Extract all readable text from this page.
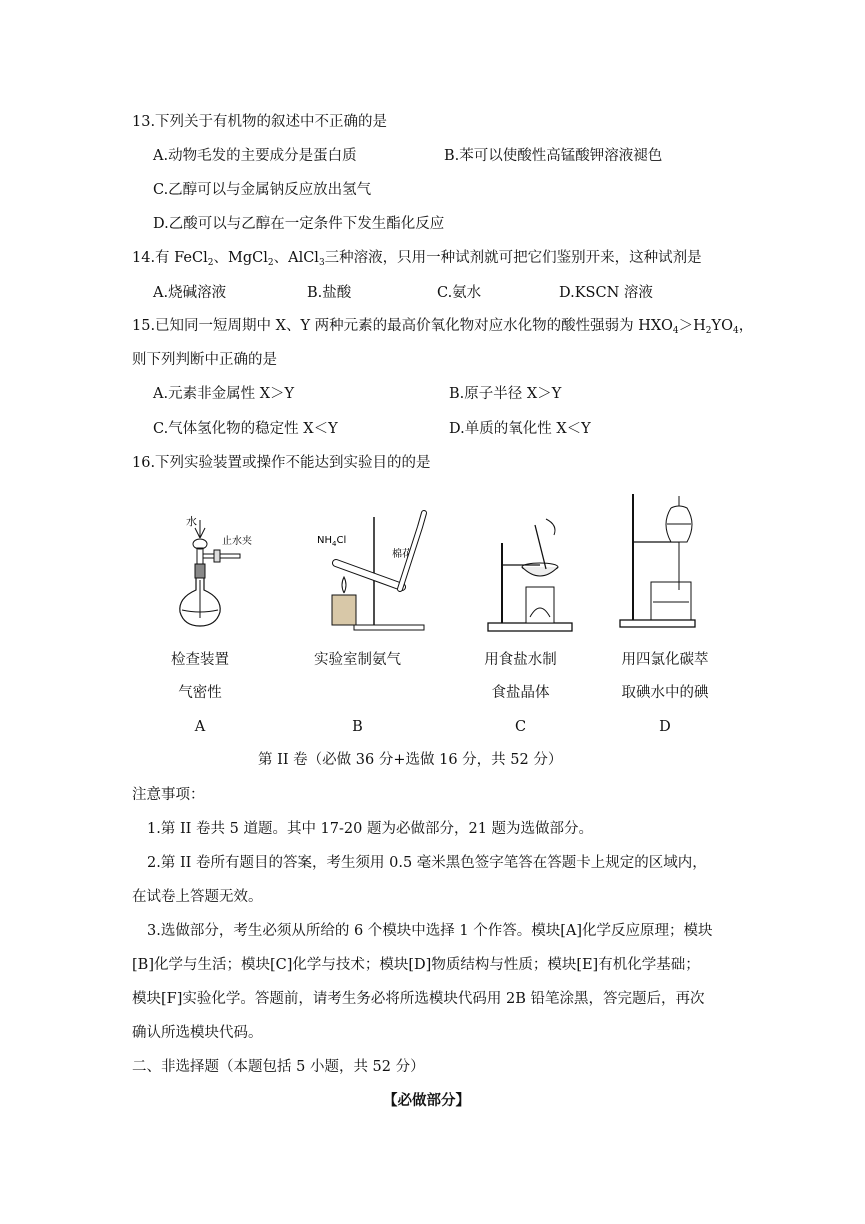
13.下列关于有机物的叙述中不正确的是
A.动物毛发的主要成分是蛋白质	B.苯可以使酸性高锰酸钾溶液褪色
C.乙醇可以与金属钠反应放出氢气
D.乙酸可以与乙醇在一定条件下发生酯化反应
14.有 FeCl$_2$、MgCl$_2$、AlCl$_3$三种溶液，只用一种试剂就可把它们鉴别开来，这种试剂是
A.烧碱溶液	B.盐酸	C.氨水	D.KSCN 溶液
15.已知同一短周期中 X、Y 两种元素的最高价氧化物对应水化物的酸性强弱为 $HXO_4>H_2YO_4$，
则下列判断中正确的是
A.元素非金属性 X＞Y	B.原子半径 X＞Y
C.气体氢化物的稳定性 X＜Y	D.单质的氧化性 X＜Y
16.下列实验装置或操作不能达到实验目的的是
水
止水夹	$NH_4Cl$
棉花
检查装置
气密性
A
实验室制氨气
B
用食盐水制
食盐晶体
C
用四氯化碳萃
取碘水中的碘
D
第 II 卷（必做 36 分+选做 16 分，共 52 分）
注意事项：
1.第 II 卷共 5 道题。其中 17-20 题为必做部分，21 题为选做部分。
2.第 II 卷所有题目的答案，考生须用 0.5 毫米黑色签字笔答在答题卡上规定的区域内，
在试卷上答题无效。
3.选做部分，考生必须从所给的 6 个模块中选择 1 个作答。模块[A]化学反应原理；模块
[B]化学与生活；模块[C]化学与技术；模块[D]物质结构与性质；模块[E]有机化学基础；
模块[F]实验化学。答题前，请考生务必将所选模块代码用 2B 铅笔涂黑，答完题后，再次
确认所选模块代码。
二、非选择题（本题包括 5 小题，共 52 分）
【必做部分】
